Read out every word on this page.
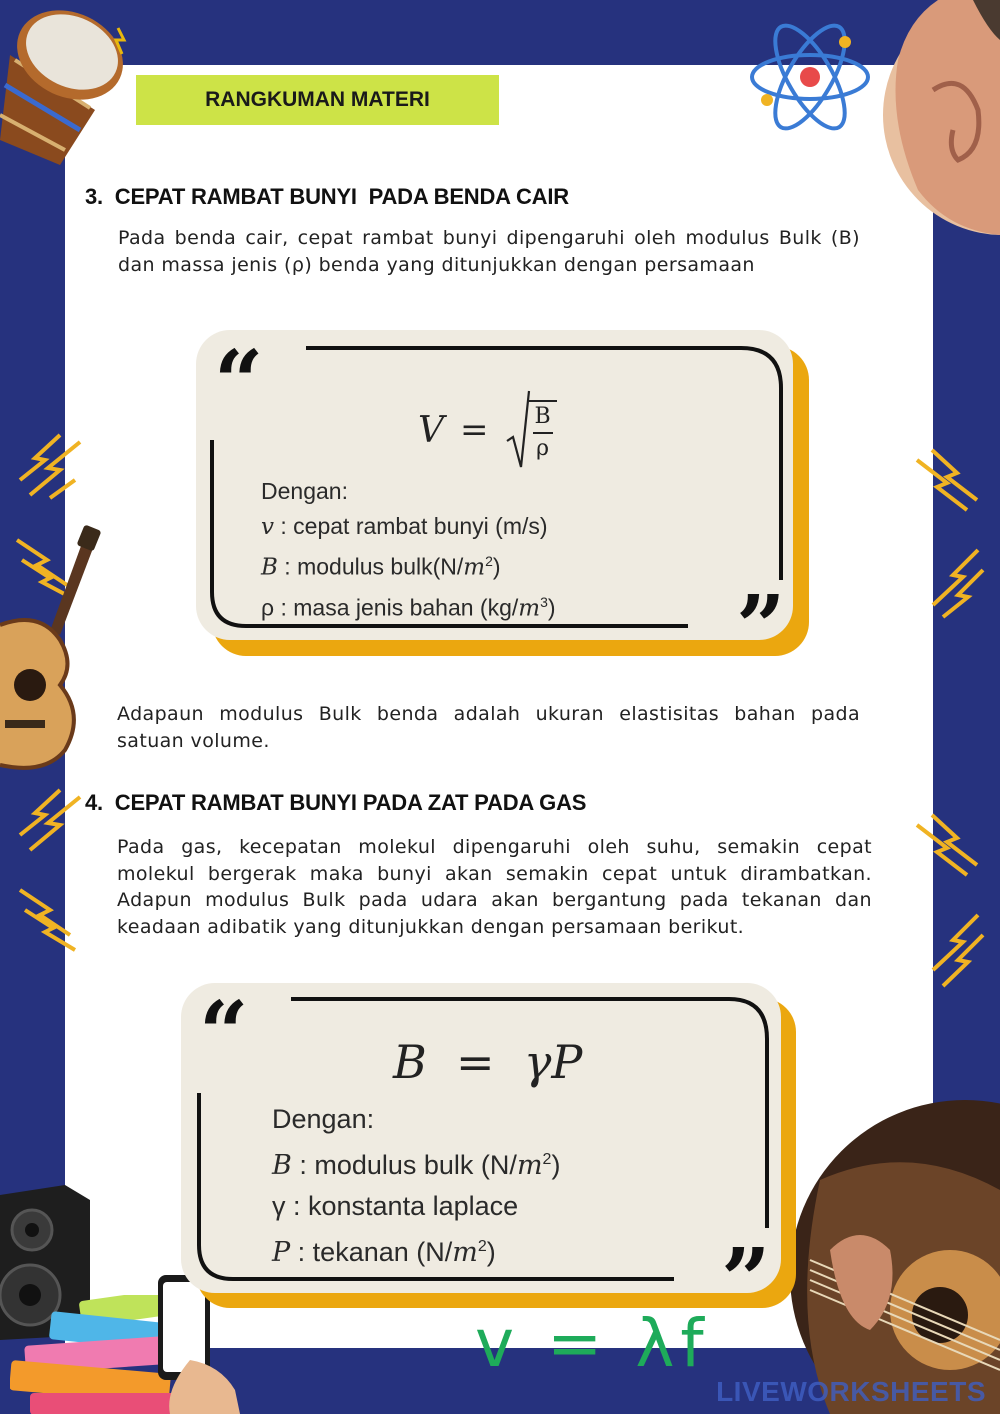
RANGKUMAN MATERI
3.  CEPAT RAMBAT BUNYI  PADA BENDA CAIR
Pada benda cair, cepat rambat bunyi dipengaruhi oleh modulus Bulk (B) dan massa jenis (ρ) benda yang ditunjukkan dengan persamaan
“
”
$V = \frac{B}{\rho}$
Dengan:
v : cepat rambat bunyi (m/s)
B : modulus $bulk(N/m^2)$
ρ : masa jenis bahan $(kg/m^3)$
Adapaun modulus Bulk benda adalah ukuran elastisitas bahan pada satuan volume.
4.  CEPAT RAMBAT BUNYI PADA ZAT PADA GAS
Pada gas, kecepatan molekul dipengaruhi oleh suhu, semakin cepat molekul bergerak maka bunyi akan semakin cepat untuk dirambatkan. Adapun modulus Bulk pada udara akan bergantung pada tekanan dan keadaan adibatik yang ditunjukkan dengan persamaan berikut.
“
”
B  =  γP
Dengan:
B : modulus bulk $(N/m^2)$
γ : konstanta laplace
P : tekanan $(N/m^2)$
v = λf
LIVEWORKSHEETS
